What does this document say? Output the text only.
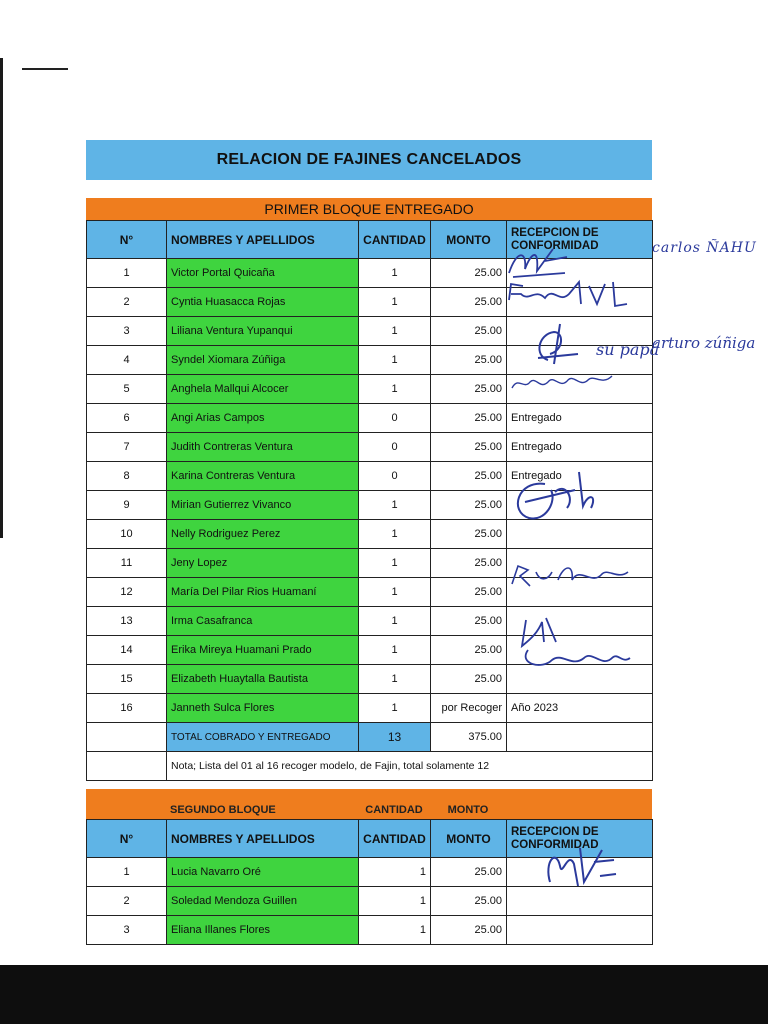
RELACION DE FAJINES CANCELADOS
PRIMER BLOQUE ENTREGADO
N°	NOMBRES Y APELLIDOS	CANTIDAD	MONTO	RECEPCION DE CONFORMIDAD
1	Victor Portal Quicaña	1	25.00	
2	Cyntia Huasacca Rojas	1	25.00	
3	Liliana Ventura Yupanqui	1	25.00	
4	Syndel Xiomara Zúñiga	1	25.00	
5	Anghela Mallqui Alcocer	1	25.00	
6	Angi Arias Campos	0	25.00	Entregado
7	Judith Contreras Ventura	0	25.00	Entregado
8	Karina Contreras Ventura	0	25.00	Entregado
9	Mirian Gutierrez Vivanco	1	25.00	
10	Nelly Rodriguez Perez	1	25.00	
11	Jeny Lopez	1	25.00	
12	María Del Pilar Rios Huamaní	1	25.00	
13	Irma Casafranca	1	25.00	
14	Erika Mireya Huamani Prado	1	25.00	
15	Elizabeth Huaytalla Bautista	1	25.00	
16	Janneth Sulca Flores	1	por Recoger	Año 2023
	TOTAL COBRADO Y ENTREGADO	13	375.00	
	Nota; Lista del 01 al 16 recoger modelo, de Fajin, total solamente 12			
SEGUNDO BLOQUE	CANTIDAD	MONTO
N°	NOMBRES Y APELLIDOS	CANTIDAD	MONTO	RECEPCION DE CONFORMIDAD
1	Lucia Navarro Oré	1	25.00	
2	Soledad Mendoza Guillen	1	25.00	
3	Eliana Illanes Flores	1	25.00	
carlos ÑAHU
su papá
arturo zúñiga
